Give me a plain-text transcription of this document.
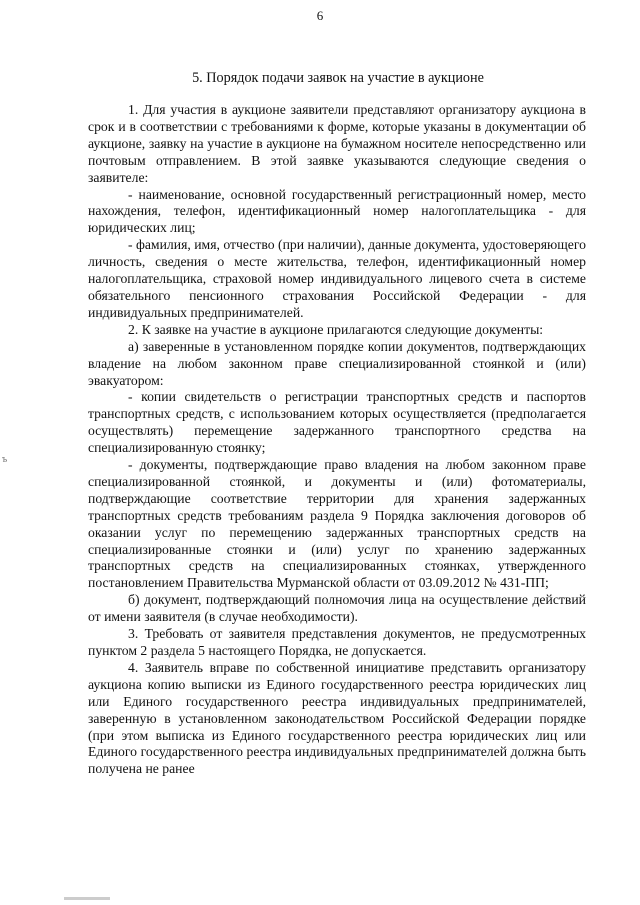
6
5. Порядок подачи заявок на участие в аукционе

1. Для участия в аукционе заявители представляют организатору аукциона в срок и в соответствии с требованиями к форме, которые указаны в документации об аукционе, заявку на участие в аукционе на бумажном носителе непосредственно или почтовым отправлением. В этой заявке указываются следующие сведения о заявителе:

- наименование, основной государственный регистрационный номер, место нахождения, телефон, идентификационный номер налогоплательщика - для юридических лиц;

- фамилия, имя, отчество (при наличии), данные документа, удостоверяющего личность, сведения о месте жительства, телефон, идентификационный номер налогоплательщика, страховой номер индивидуального лицевого счета в системе обязательного пенсионного страхования Российской Федерации - для индивидуальных предпринимателей.

2. К заявке на участие в аукционе прилагаются следующие документы:

а) заверенные в установленном порядке копии документов, подтверждающих владение на любом законном праве специализированной стоянкой и (или) эвакуатором:

- копии свидетельств о регистрации транспортных средств и паспортов транспортных средств, с использованием которых осуществляется (предполагается осуществлять) перемещение задержанного транспортного средства на специализированную стоянку;

- документы, подтверждающие право владения на любом законном праве специализированной стоянкой, и документы и (или) фотоматериалы, подтверждающие соответствие территории для хранения задержанных транспортных средств требованиям раздела 9 Порядка заключения договоров об оказании услуг по перемещению задержанных транспортных средств на специализированные стоянки и (или) услуг по хранению задержанных транспортных средств на специализированных стоянках, утвержденного постановлением Правительства Мурманской области от 03.09.2012 № 431-ПП;

б) документ, подтверждающий полномочия лица на осуществление действий от имени заявителя (в случае необходимости).

3. Требовать от заявителя представления документов, не предусмотренных пунктом 2 раздела 5 настоящего Порядка, не допускается.

4. Заявитель вправе по собственной инициативе представить организатору аукциона копию выписки из Единого государственного реестра юридических лиц или Единого государственного реестра индивидуальных предпринимателей, заверенную в установленном законодательством Российской Федерации порядке (при этом выписка из Единого государственного реестра юридических лиц или Единого государственного реестра индивидуальных предпринимателей должна быть получена не ранее

ъ
